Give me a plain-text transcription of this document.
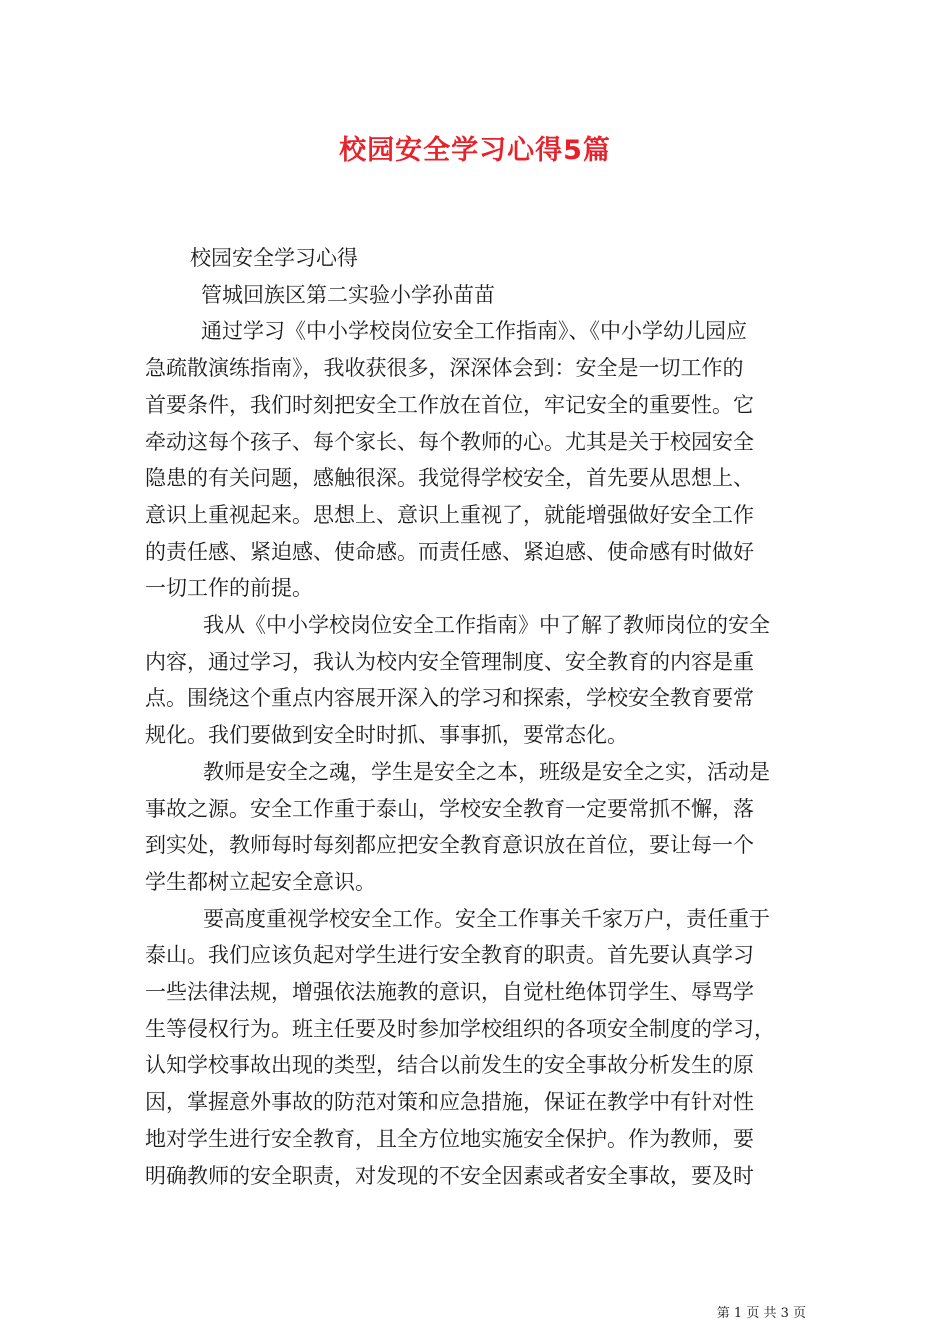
校园安全学习心得5篇
校园安全学习心得
管城回族区第二实验小学孙苗苗
通过学习《中小学校岗位安全工作指南》、《中小学幼儿园应
急疏散演练指南》，我收获很多，深深体会到：安全是一切工作的
首要条件，我们时刻把安全工作放在首位，牢记安全的重要性。它
牵动这每个孩子、每个家长、每个教师的心。尤其是关于校园安全
隐患的有关问题，感触很深。我觉得学校安全，首先要从思想上、
意识上重视起来。思想上、意识上重视了，就能增强做好安全工作
的责任感、紧迫感、使命感。而责任感、紧迫感、使命感有时做好
一切工作的前提。
我从《中小学校岗位安全工作指南》中了解了教师岗位的安全
内容，通过学习，我认为校内安全管理制度、安全教育的内容是重
点。围绕这个重点内容展开深入的学习和探索，学校安全教育要常
规化。我们要做到安全时时抓、事事抓，要常态化。
教师是安全之魂，学生是安全之本，班级是安全之实，活动是
事故之源。安全工作重于泰山，学校安全教育一定要常抓不懈，落
到实处，教师每时每刻都应把安全教育意识放在首位，要让每一个
学生都树立起安全意识。
要高度重视学校安全工作。安全工作事关千家万户，责任重于
泰山。我们应该负起对学生进行安全教育的职责。首先要认真学习
一些法律法规，增强依法施教的意识，自觉杜绝体罚学生、辱骂学
生等侵权行为。班主任要及时参加学校组织的各项安全制度的学习，
认知学校事故出现的类型，结合以前发生的安全事故分析发生的原
因，掌握意外事故的防范对策和应急措施，保证在教学中有针对性
地对学生进行安全教育，且全方位地实施安全保护。作为教师，要
明确教师的安全职责，对发现的不安全因素或者安全事故，要及时
第 1 页 共 3 页
